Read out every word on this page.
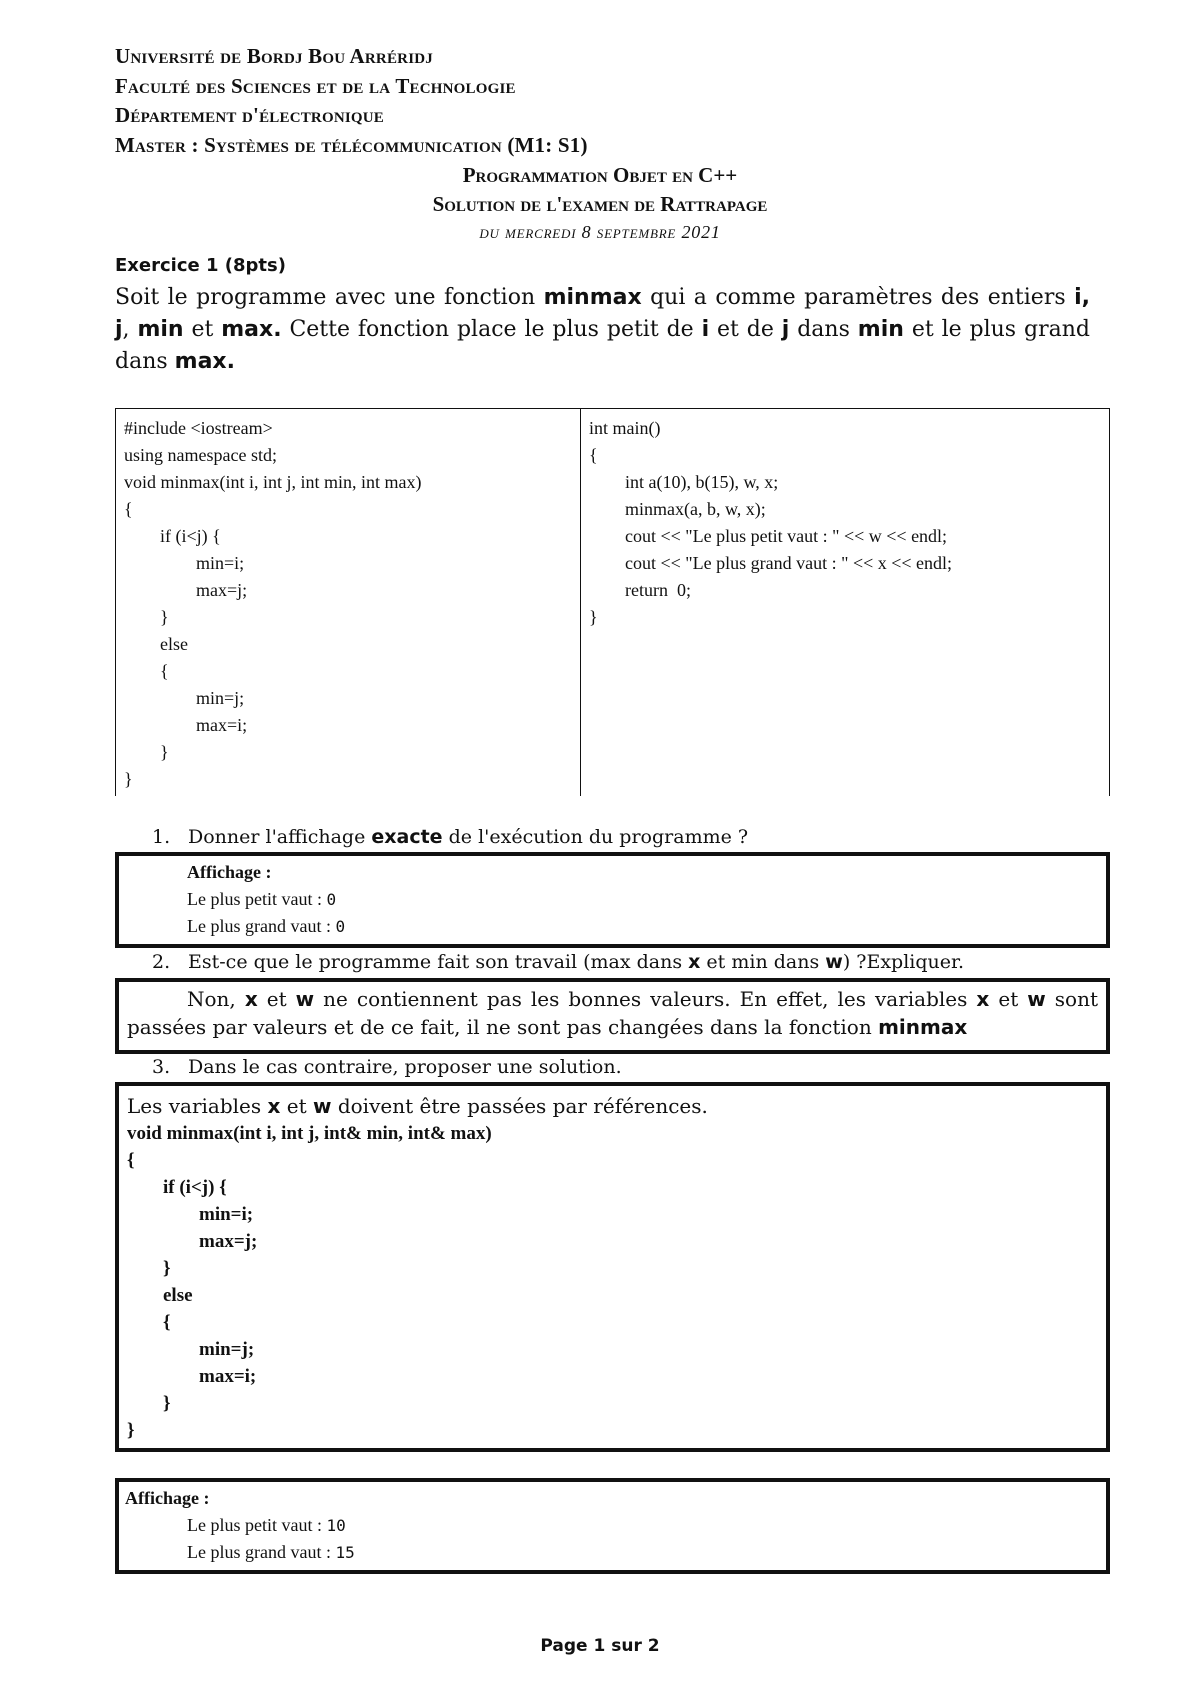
Université de Bordj Bou Arréridj
Faculté des Sciences et de la Technologie
Département d'électronique
Master : Systèmes de télécommunication (M1: S1)
Programmation Objet en C++
Solution de l'examen de Rattrapage
du mercredi 8 septembre 2021
Exercice 1 (8pts)
Soit le programme avec une fonction minmax qui a comme paramètres des entiers i, j, min et max. Cette fonction place le plus petit de i et de j dans min et le plus grand dans max.
#include <iostream>
using namespace std;
void minmax(int i, int j, int min, int max)
{
if (i<j) {
min=i;
max=j;
}
else
{
min=j;
max=i;
}
}
int main()
{
int a(10), b(15), w, x;
minmax(a, b, w, x);
cout << "Le plus petit vaut : " << w << endl;
cout << "Le plus grand vaut : " << x << endl;
return  0;
}
1. Donner l'affichage exacte de l'exécution du programme ?
Affichage :
Le plus petit vaut : 0
Le plus grand vaut : 0
2. Est-ce que le programme fait son travail (max dans x et min dans w) ?Expliquer.
Non, x et w ne contiennent pas les bonnes valeurs. En effet, les variables x et w sont passées par valeurs et de ce fait, il ne sont pas changées dans la fonction minmax
3. Dans le cas contraire, proposer une solution.
Les variables x et w doivent être passées par références.
void minmax(int i, int j, int& min, int& max)
{
if (i<j) {
min=i;
max=j;
}
else
{
min=j;
max=i;
}
}
Affichage :
Le plus petit vaut : 10
Le plus grand vaut : 15
Page 1 sur 2
